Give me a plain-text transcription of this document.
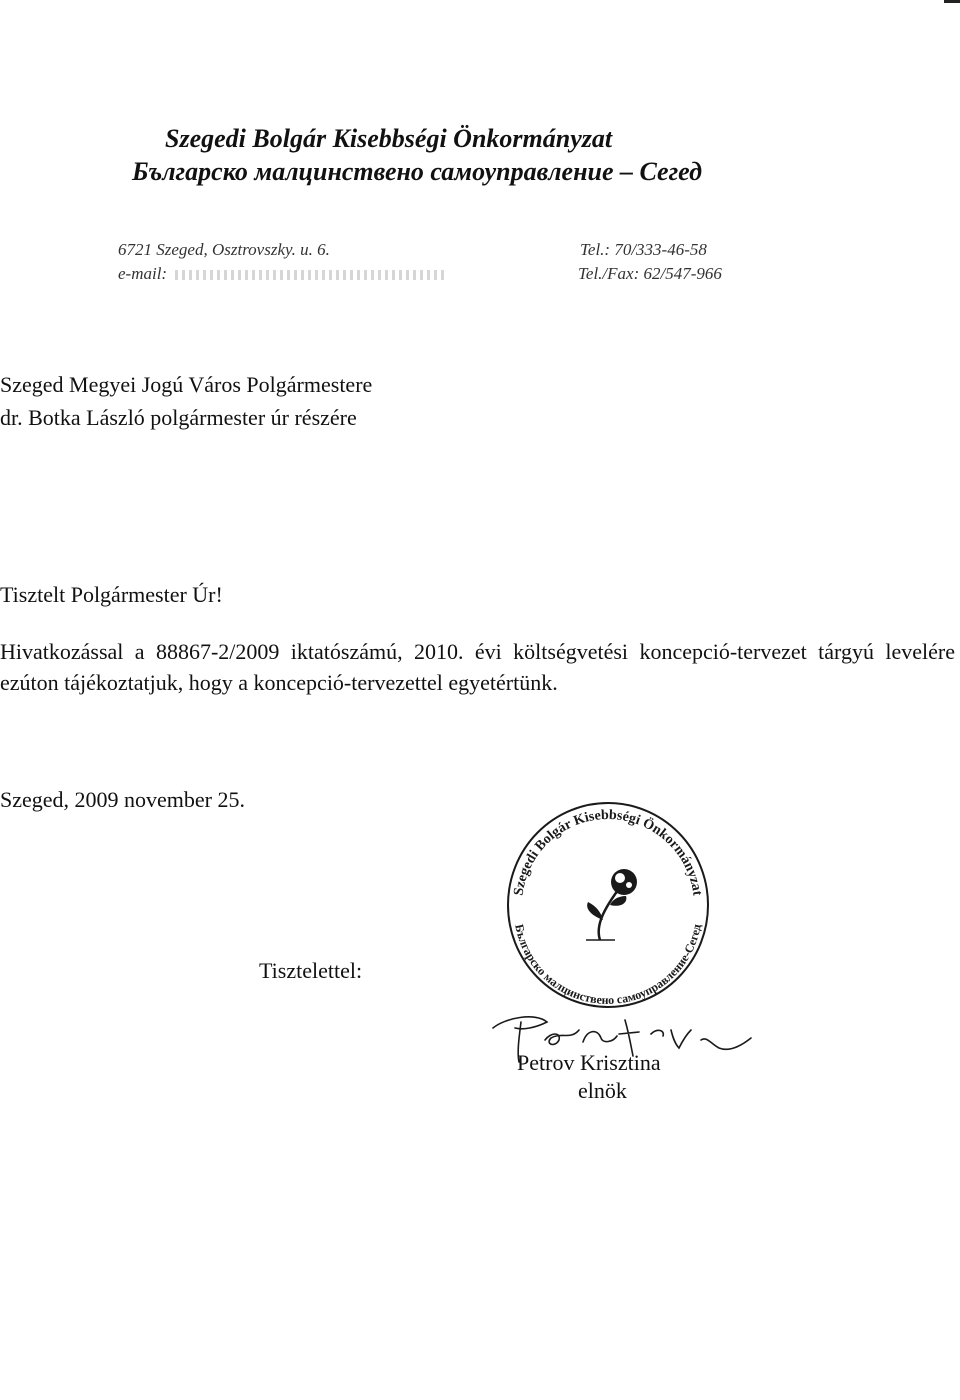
Szegedi Bolgár Kisebbségi Önkormányzat
Българско малцинствено самоуправление – Сегед
6721 Szeged, Osztrovszky. u. 6.
e-mail:
Tel.: 70/333-46-58
Tel./Fax: 62/547-966
Szeged Megyei Jogú Város Polgármestere
dr. Botka László polgármester úr részére
Tisztelt Polgármester Úr!
Hivatkozással a 88867-2/2009 iktatószámú, 2010. évi költségvetési koncepció-tervezet tárgyú levelére ezúton tájékoztatjuk, hogy a koncepció-tervezettel egyetértünk.
Szeged, 2009 november 25.
Tisztelettel:
Szegedi Bolgár Kisebbségi Önkormányzat
Българско малцинствено самоуправление-Сегед
Petrov Krisztina
elnök
